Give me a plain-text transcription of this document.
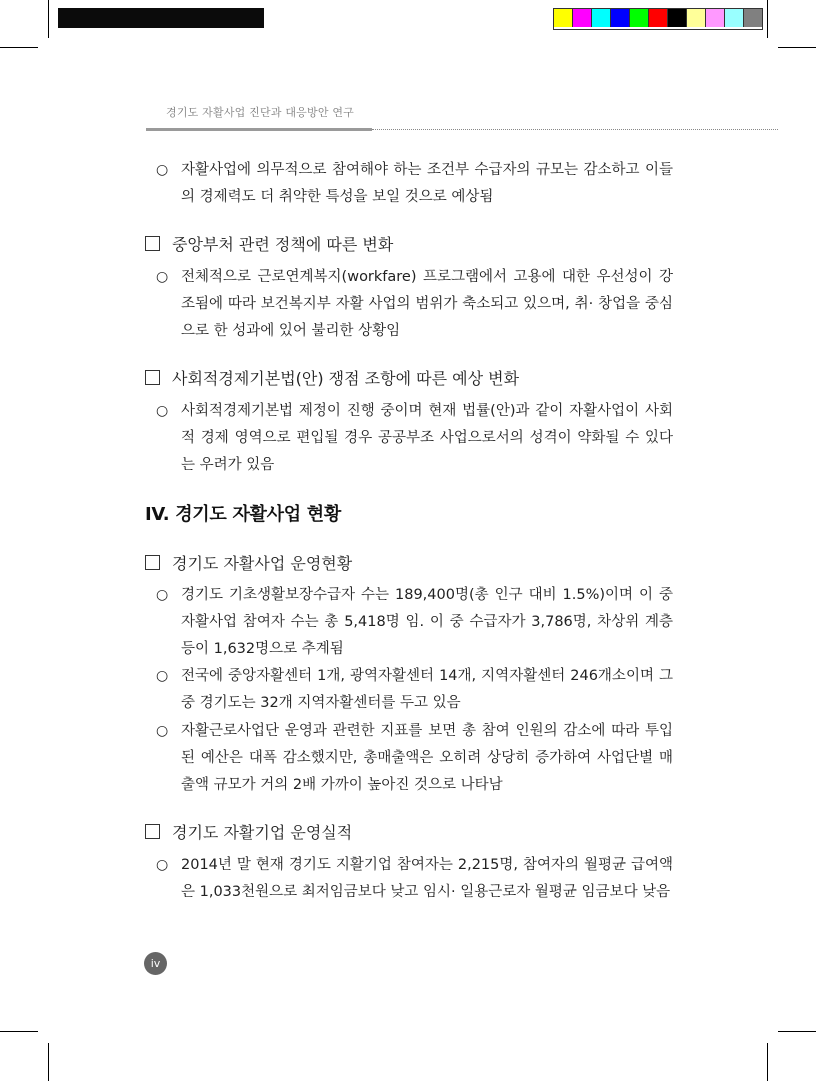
경기도 자활사업 진단과 대응방안 연구
○ 자활사업에 의무적으로 참여해야 하는 조건부 수급자의 규모는 감소하고 이들의 경제력도 더 취약한 특성을 보일 것으로 예상됨
중앙부처 관련 정책에 따른 변화
○ 전체적으로 근로연계복지(workfare) 프로그램에서 고용에 대한 우선성이 강조됨에 따라 보건복지부 자활 사업의 범위가 축소되고 있으며, 취· 창업을 중심으로 한 성과에 있어 불리한 상황임
사회적경제기본법(안) 쟁점 조항에 따른 예상 변화
○ 사회적경제기본법 제정이 진행 중이며 현재 법률(안)과 같이 자활사업이 사회적 경제 영역으로 편입될 경우 공공부조 사업으로서의 성격이 약화될 수 있다는 우려가 있음
IV. 경기도 자활사업 현황
경기도 자활사업 운영현황
○ 경기도 기초생활보장수급자 수는 189,400명(총 인구 대비 1.5%)이며 이 중 자활사업 참여자 수는 총 5,418명 임. 이 중 수급자가 3,786명, 차상위 계층 등이 1,632명으로 추계됨
○ 전국에 중앙자활센터 1개, 광역자활센터 14개, 지역자활센터 246개소이며 그 중 경기도는 32개 지역자활센터를 두고 있음
○ 자활근로사업단 운영과 관련한 지표를 보면 총 참여 인원의 감소에 따라 투입된 예산은 대폭 감소했지만, 총매출액은 오히려 상당히 증가하여 사업단별 매출액 규모가 거의 2배 가까이 높아진 것으로 나타남
경기도 자활기업 운영실적
○ 2014년 말 현재 경기도 지활기업 참여자는 2,215명, 참여자의 월평균 급여액은 1,033천원으로 최저임금보다 낮고 임시· 일용근로자 월평균 임금보다 낮음
iv
